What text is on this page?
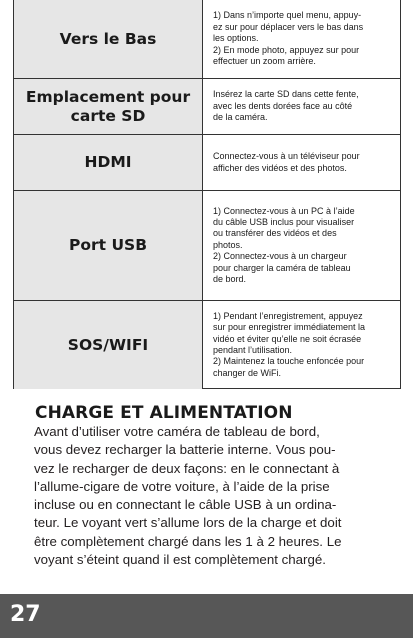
Vers le Bas
1) Dans n’importe quel menu, appuy-
ez sur pour déplacer vers le bas dans
les options.
2) En mode photo, appuyez sur pour
effectuer un zoom arrière.
Emplacement pour
carte SD
Insérez la carte SD dans cette fente,
avec les dents dorées face au côté
de la caméra.
HDMI	Connectez-vous à un téléviseur pour
afficher des vidéos et des photos.
Port USB
1) Connectez-vous à un PC à l’aide
du câble USB inclus pour visualiser
ou transférer des vidéos et des
photos.
2) Connectez-vous à un chargeur
pour charger la caméra de tableau
de bord.
SOS/WIFI
1) Pendant l’enregistrement, appuyez
sur pour enregistrer immédiatement la
vidéo et éviter qu’elle ne soit écrasée
pendant l’utilisation.
2) Maintenez la touche enfoncée pour
changer de WiFi.
CHARGE ET ALIMENTATION
Avant d’utiliser votre caméra de tableau de bord,
vous devez recharger la batterie interne. Vous pou-
vez le recharger de deux façons: en le connectant à
l’allume-cigare de votre voiture, à l’aide de la prise
incluse ou en connectant le câble USB à un ordina-
teur. Le voyant vert s’allume lors de la charge et doit
être complètement chargé dans les 1 à 2 heures. Le
voyant s’éteint quand il est complètement chargé.
27
